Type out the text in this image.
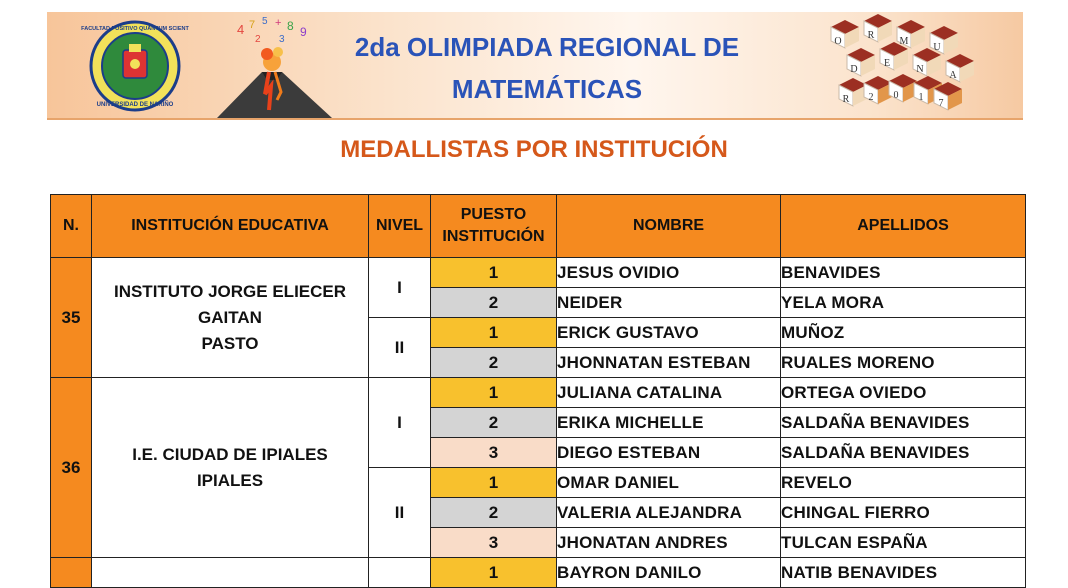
FACULTAD POSITIVO QUANTUM SCIENT
UNIVERSIDAD DE NARIÑO
4 7 5 + 8 9
2 3	2da OLIMPIADA REGIONAL DE
MATEMÁTICAS
O
R
M
U
D
E
N
A
R 2 0 1
7
MEDALLISTAS POR INSTITUCIÓN
N.	INSTITUCIÓN EDUCATIVA	NIVEL	PUESTO
INSTITUCIÓN	NOMBRE	APELLIDOS
35	INSTITUTO JORGE ELIECER
GAITAN
PASTO	I	1	JESUS OVIDIO	BENAVIDES
			2	NEIDER	YELA MORA
		II	1	ERICK GUSTAVO	MUÑOZ
			2	JHONNATAN ESTEBAN	RUALES MORENO
36	I.E. CIUDAD DE IPIALES
IPIALES	I	1	JULIANA CATALINA	ORTEGA OVIEDO
			2	ERIKA MICHELLE	SALDAÑA BENAVIDES
			3	DIEGO ESTEBAN	SALDAÑA BENAVIDES
		II	1	OMAR DANIEL	REVELO
			2	VALERIA ALEJANDRA	CHINGAL FIERRO
			3	JHONATAN ANDRES	TULCAN ESPAÑA
			1	BAYRON DANILO	NATIB BENAVIDES
